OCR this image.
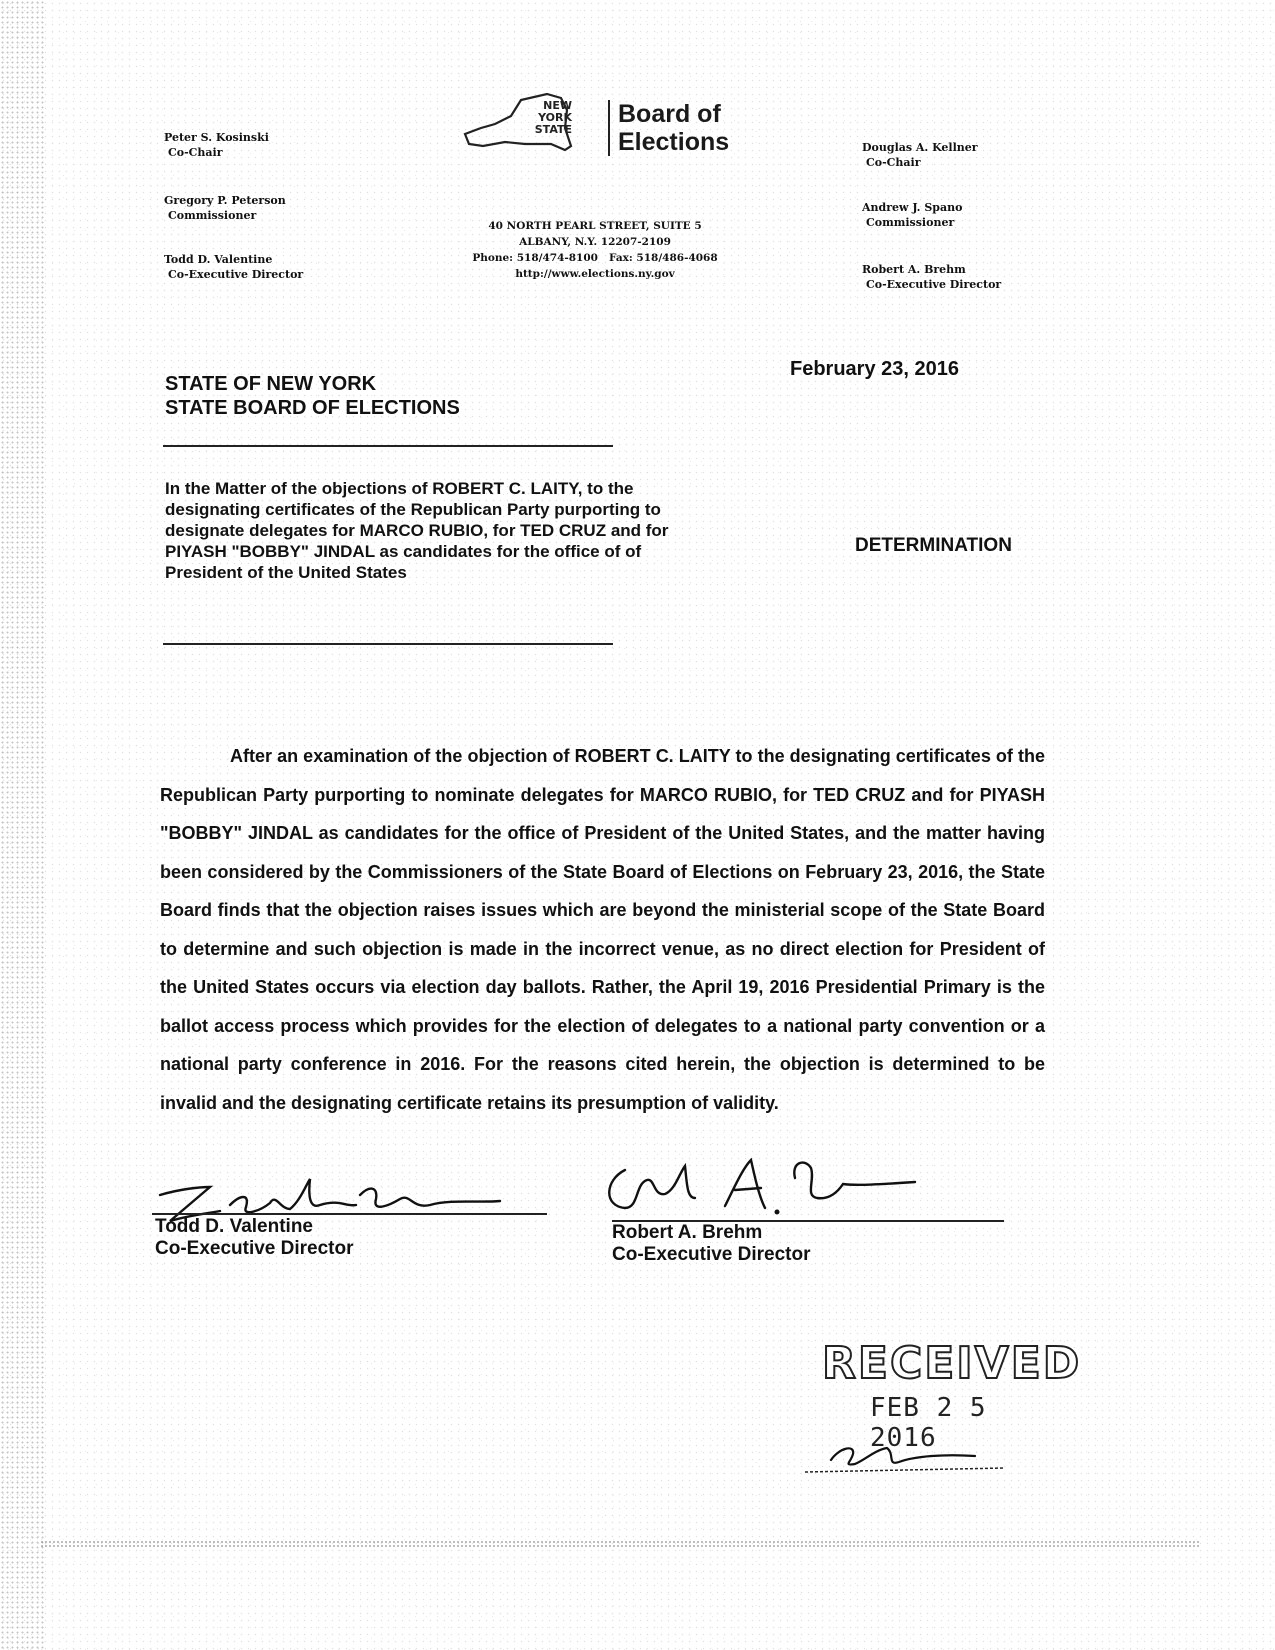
Peter S. Kosinski
Co-Chair
Gregory P. Peterson
Commissioner
Todd D. Valentine
Co-Executive Director
NEW YORK STATE
Board of
Elections
40 NORTH PEARL STREET, SUITE 5
ALBANY, N.Y. 12207-2109
Phone: 518/474-8100 Fax: 518/486-4068
http://www.elections.ny.gov
Douglas A. Kellner
Co-Chair
Andrew J. Spano
Commissioner
Robert A. Brehm
Co-Executive Director
February 23, 2016
STATE OF NEW YORK
STATE BOARD OF ELECTIONS
In the Matter of the objections of ROBERT C. LAITY, to the designating certificates of the Republican Party purporting to designate delegates for MARCO RUBIO, for TED CRUZ and for PIYASH "BOBBY" JINDAL as candidates for the office of of President of the United States
DETERMINATION
After an examination of the objection of ROBERT C. LAITY to the designating certificates of the Republican Party purporting to nominate delegates for MARCO RUBIO, for TED CRUZ and for PIYASH "BOBBY" JINDAL as candidates for the office of President of the United States, and the matter having been considered by the Commissioners of the State Board of Elections on February 23, 2016, the State Board finds that the objection raises issues which are beyond the ministerial scope of the State Board to determine and such objection is made in the incorrect venue, as no direct election for President of the United States occurs via election day ballots. Rather, the April 19, 2016 Presidential Primary is the ballot access process which provides for the election of delegates to a national party convention or a national party conference in 2016. For the reasons cited herein, the objection is determined to be invalid and the designating certificate retains its presumption of validity.
Todd D. Valentine
Co-Executive Director
Robert A. Brehm
Co-Executive Director
RECEIVED
FEB 2 5 2016
